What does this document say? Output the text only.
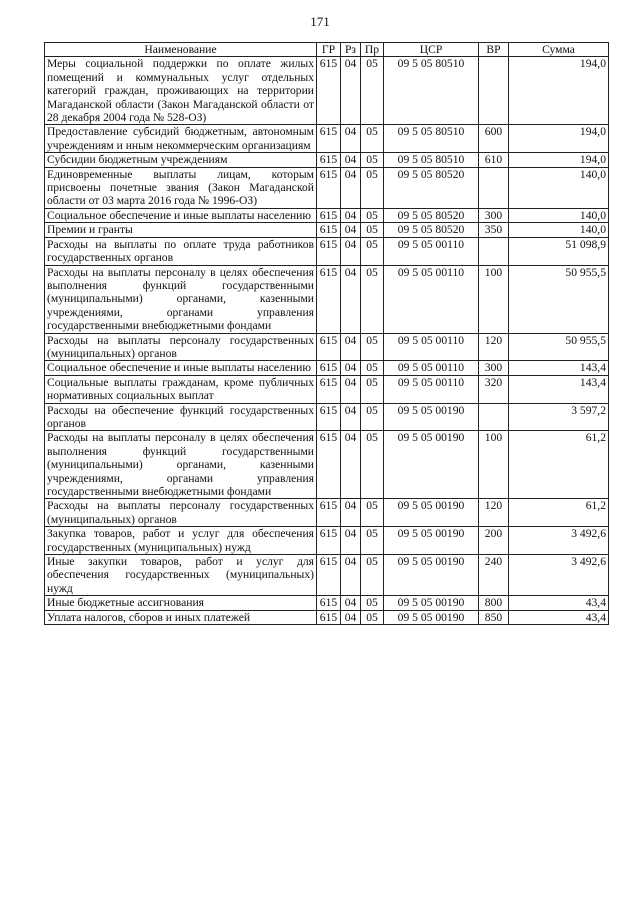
171
Наименование	ГР	Рз	Пр	ЦСР	ВР	Сумма
Меры социальной поддержки по оплате жилых помещений и коммунальных услуг отдельных категорий граждан, проживающих на территории Магаданской области (Закон Магаданской области от 28 декабря 2004 года № 528-ОЗ)	615	04	05	09 5 05 80510		194,0
Предоставление субсидий бюджетным, автономным учреждениям и иным некоммерческим организациям	615	04	05	09 5 05 80510	600	194,0
Субсидии бюджетным учреждениям	615	04	05	09 5 05 80510	610	194,0
Единовременные выплаты лицам, которым присвоены почетные звания (Закон Магаданской области от 03 марта 2016 года № 1996-ОЗ)	615	04	05	09 5 05 80520		140,0
Социальное обеспечение и иные выплаты населению	615	04	05	09 5 05 80520	300	140,0
Премии и гранты	615	04	05	09 5 05 80520	350	140,0
Расходы на выплаты по оплате труда работников государственных органов	615	04	05	09 5 05 00110		51 098,9
Расходы на выплаты персоналу в целях обеспечения выполнения функций государственными (муниципальными) органами, казенными учреждениями, органами управления государственными внебюджетными фондами	615	04	05	09 5 05 00110	100	50 955,5
Расходы на выплаты персоналу государственных (муниципальных) органов	615	04	05	09 5 05 00110	120	50 955,5
Социальное обеспечение и иные выплаты населению	615	04	05	09 5 05 00110	300	143,4
Социальные выплаты гражданам, кроме публичных нормативных социальных выплат	615	04	05	09 5 05 00110	320	143,4
Расходы на обеспечение функций государственных органов	615	04	05	09 5 05 00190		3 597,2
Расходы на выплаты персоналу в целях обеспечения выполнения функций государственными (муниципальными) органами, казенными учреждениями, органами управления государственными внебюджетными фондами	615	04	05	09 5 05 00190	100	61,2
Расходы на выплаты персоналу государственных (муниципальных) органов	615	04	05	09 5 05 00190	120	61,2
Закупка товаров, работ и услуг для обеспечения государственных (муниципальных) нужд	615	04	05	09 5 05 00190	200	3 492,6
Иные закупки товаров, работ и услуг для обеспечения государственных (муниципальных) нужд	615	04	05	09 5 05 00190	240	3 492,6
Иные бюджетные ассигнования	615	04	05	09 5 05 00190	800	43,4
Уплата налогов, сборов и иных платежей	615	04	05	09 5 05 00190	850	43,4
